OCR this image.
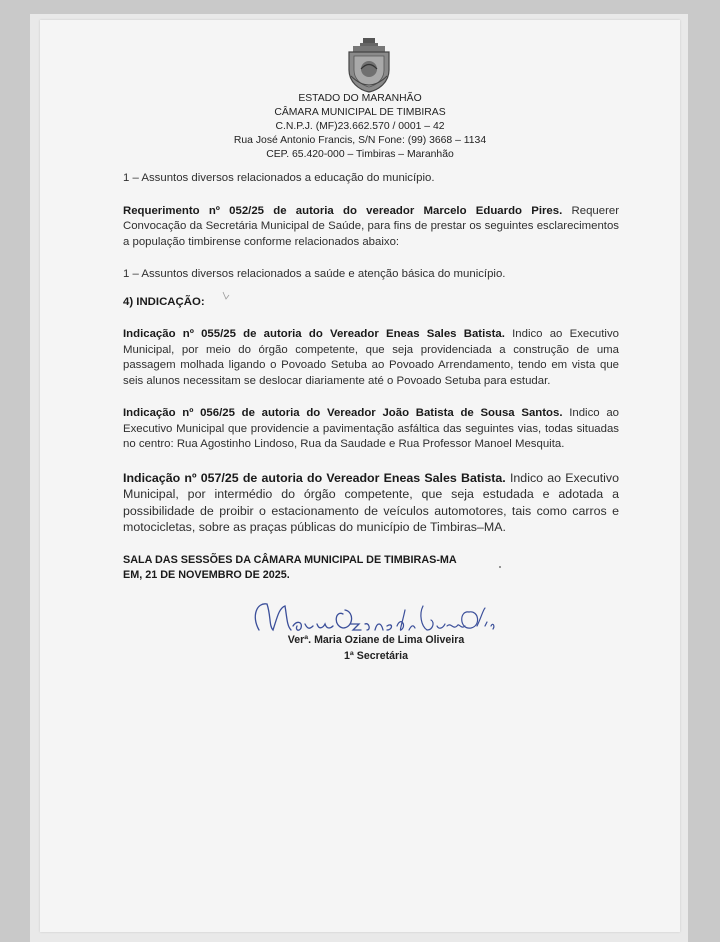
ESTADO DO MARANHÃO
CÂMARA MUNICIPAL DE TIMBIRAS
C.N.P.J. (MF)23.662.570 / 0001 – 42
Rua José Antonio Francis, S/N Fone: (99) 3668 – 1134
CEP. 65.420-000 – Timbiras – Maranhão

1 – Assuntos diversos relacionados a educação do município.

Requerimento nº 052/25 de autoria do vereador Marcelo Eduardo Pires. Requerer Convocação da Secretária Municipal de Saúde, para fins de prestar os seguintes esclarecimentos a população timbirense conforme relacionados abaixo:

1 – Assuntos diversos relacionados a saúde e atenção básica do município.

4) INDICAÇÃO:

Indicação nº 055/25 de autoria do Vereador Eneas Sales Batista. Indico ao Executivo Municipal, por meio do órgão competente, que seja providenciada a construção de uma passagem molhada ligando o Povoado Setuba ao Povoado Arrendamento, tendo em vista que seis alunos necessitam se deslocar diariamente até o Povoado Setuba para estudar.

Indicação nº 056/25 de autoria do Vereador João Batista de Sousa Santos. Indico ao Executivo Municipal que providencie a pavimentação asfáltica das seguintes vias, todas situadas no centro: Rua Agostinho Lindoso, Rua da Saudade e Rua Professor Manoel Mesquita.

Indicação nº 057/25 de autoria do Vereador Eneas Sales Batista. Indico ao Executivo Municipal, por intermédio do órgão competente, que seja estudada e adotada a possibilidade de proibir o estacionamento de veículos automotores, tais como carros e motocicletas, sobre as praças públicas do município de Timbiras–MA.

SALA DAS SESSÕES DA CÂMARA MUNICIPAL DE TIMBIRAS-MA

EM, 21 DE NOVEMBRO DE 2025.

Verª. Maria Oziane de Lima Oliveira
1ª Secretária
